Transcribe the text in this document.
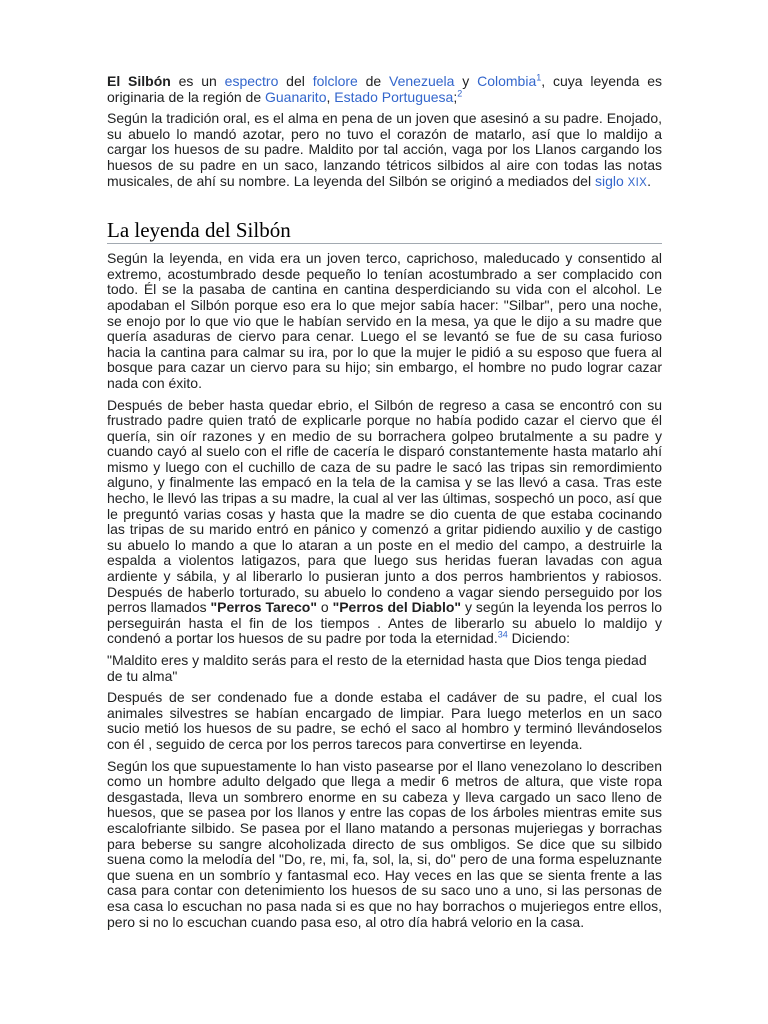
El Silbón es un espectro del folclore de Venezuela y Colombia$^1$, cuya leyenda es originaria de la región de Guanarito, Estado Portuguesa;$^2$

Según la tradición oral, es el alma en pena de un joven que asesinó a su padre. Enojado, su abuelo lo mandó azotar, pero no tuvo el corazón de matarlo, así que lo maldijo a cargar los huesos de su padre. Maldito por tal acción, vaga por los Llanos cargando los huesos de su padre en un saco, lanzando tétricos silbidos al aire con todas las notas musicales, de ahí su nombre. La leyenda del Silbón se originó a mediados del siglo XIX.

La leyenda del Silbón

Según la leyenda, en vida era un joven terco, caprichoso, maleducado y consentido al extremo, acostumbrado desde pequeño lo tenían acostumbrado a ser complacido con todo. Él se la pasaba de cantina en cantina desperdiciando su vida con el alcohol. Le apodaban el Silbón porque eso era lo que mejor sabía hacer: "Silbar", pero una noche, se enojo por lo que vio que le habían servido en la mesa, ya que le dijo a su madre que quería asaduras de ciervo para cenar. Luego el se levantó se fue de su casa furioso hacia la cantina para calmar su ira, por lo que la mujer le pidió a su esposo que fuera al bosque para cazar un ciervo para su hijo; sin embargo, el hombre no pudo lograr cazar nada con éxito.

Después de beber hasta quedar ebrio, el Silbón de regreso a casa se encontró con su frustrado padre quien trató de explicarle porque no había podido cazar el ciervo que él quería, sin oír razones y en medio de su borrachera golpeo brutalmente a su padre y cuando cayó al suelo con el rifle de cacería le disparó constantemente hasta matarlo ahí mismo y luego con el cuchillo de caza de su padre le sacó las tripas sin remordimiento alguno, y finalmente las empacó en la tela de la camisa y se las llevó a casa. Tras este hecho, le llevó las tripas a su madre, la cual al ver las últimas, sospechó un poco, así que le preguntó varias cosas y hasta que la madre se dio cuenta de que estaba cocinando las tripas de su marido entró en pánico y comenzó a gritar pidiendo auxilio y de castigo su abuelo lo mando a que lo ataran a un poste en el medio del campo, a destruirle la espalda a violentos latigazos, para que luego sus heridas fueran lavadas con agua ardiente y sábila, y al liberarlo lo pusieran junto a dos perros hambrientos y rabiosos. Después de haberlo torturado, su abuelo lo condeno a vagar siendo perseguido por los perros llamados "Perros Tareco" o "Perros del Diablo" y según la leyenda los perros lo perseguirán hasta el fin de los tiempos . Antes de liberarlo su abuelo lo maldijo y condenó a portar los huesos de su padre por toda la eternidad.$^{34}$ Diciendo:

"Maldito eres y maldito serás para el resto de la eternidad hasta que Dios tenga piedad de tu alma"

Después de ser condenado fue a donde estaba el cadáver de su padre, el cual los animales silvestres se habían encargado de limpiar. Para luego meterlos en un saco sucio metió los huesos de su padre, se echó el saco al hombro y terminó llevándoselos con él , seguido de cerca por los perros tarecos para convertirse en leyenda.

Según los que supuestamente lo han visto pasearse por el llano venezolano lo describen como un hombre adulto delgado que llega a medir 6 metros de altura, que viste ropa desgastada, lleva un sombrero enorme en su cabeza y lleva cargado un saco lleno de huesos, que se pasea por los llanos y entre las copas de los árboles mientras emite sus escalofriante silbido. Se pasea por el llano matando a personas mujeriegas y borrachas para beberse su sangre alcoholizada directo de sus ombligos. Se dice que su silbido suena como la melodía del "Do, re, mi, fa, sol, la, si, do" pero de una forma espeluznante que suena en un sombrío y fantasmal eco. Hay veces en las que se sienta frente a las casa para contar con detenimiento los huesos de su saco uno a uno, si las personas de esa casa lo escuchan no pasa nada si es que no hay borrachos o mujeriegos entre ellos, pero si no lo escuchan cuando pasa eso, al otro día habrá velorio en la casa.
